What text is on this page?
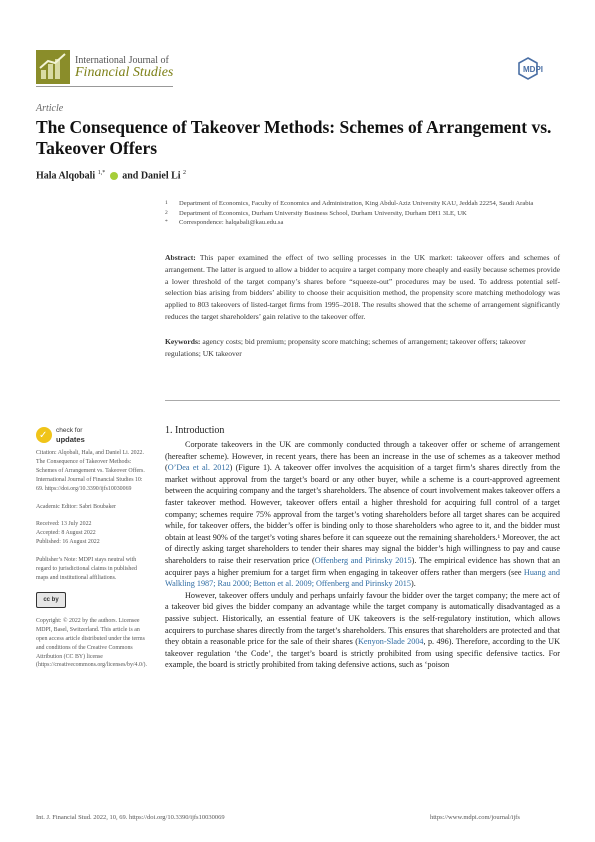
International Journal of
Financial Studies	MDPI
Article
The Consequence of Takeover Methods: Schemes of Arrangement vs. Takeover Offers
Hala Alqobali $^{1,*}$ and Daniel Li $^2$
1 Department of Economics, Faculty of Economics and Administration, King Abdul-Aziz University KAU, Jeddah 22254, Saudi Arabia
2 Department of Economics, Durham University Business School, Durham University, Durham DH1 3LE, UK
* Correspondence: halqabali@kau.edu.sa
Abstract: This paper examined the effect of two selling processes in the UK market: takeover offers and schemes of arrangement. The latter is argued to allow a bidder to acquire a target company more cheaply and easily because schemes provide a lower threshold of the target company’s shares before “squeeze-out” procedures may be used. To address potential self-selection bias arising from bidders’ ability to choose their acquisition method, the propensity score matching methodology was applied to 803 takeovers of listed-target firms from 1995–2018. The results showed that the scheme of arrangement significantly reduces the target shareholders’ gain relative to the takeover offer.
Keywords: agency costs; bid premium; propensity score matching; schemes of arrangement; takeover offers; takeover regulations; UK takeover
✓ check for
updates

Citation: Alqobali, Hala, and Daniel Li. 2022. The Consequence of Takeover Methods: Schemes of Arrangement vs. Takeover Offers. International Journal of Financial Studies 10: 69. https://doi.org/10.3390/ijfs10030069

Academic Editor: Sabri Boubaker

Received: 13 July 2022
Accepted: 8 August 2022

Published: 16 August 2022

Publisher’s Note: MDPI stays neutral with regard to jurisdictional claims in published maps and institutional affiliations.

cc by

Copyright: © 2022 by the authors. Licensee MDPI, Basel, Switzerland. This article is an open access article distributed under the terms and conditions of the Creative Commons Attribution (CC BY) license (https://creativecommons.org/licenses/by/4.0/).

1. Introduction

Corporate takeovers in the UK are commonly conducted through a takeover offer or scheme of arrangement (hereafter scheme). However, in recent years, there has been an increase in the use of schemes as a takeover method (O’Dea et al. 2012) (Figure 1). A takeover offer involves the acquisition of a target firm’s shares directly from the market without approval from the target’s board or any other buyer, while a scheme is a court-approved agreement between the acquiring company and the target’s shareholders. The absence of court involvement makes takeover offers a faster takeover method. However, takeover offers entail a higher threshold for acquiring full control of a target company; schemes require 75% approval from the target’s voting shareholders before all target shares can be acquired while, for takeover offers, the bidder’s offer is binding only to those shareholders who agree to it, and the bidder must obtain at least 90% of the target’s voting shares before it can squeeze out the remaining shareholders.¹ Moreover, the act of directly asking target shareholders to tender their shares may signal the bidder’s high willingness to pay and cause shareholders to raise their reservation price (Offenberg and Pirinsky 2015). The empirical evidence has shown that an acquirer pays a higher premium for a target firm when engaging in takeover offers rather than mergers (see Huang and Walkling 1987; Rau 2000; Betton et al. 2009; Offenberg and Pirinsky 2015).

However, takeover offers unduly and perhaps unfairly favour the bidder over the target company; the mere act of a takeover bid gives the bidder company an advantage while the target company is automatically disadvantaged as a passive subject. Historically, an essential feature of UK takeovers is the self-regulatory institution, which allows acquirers to purchase shares directly from the target’s shareholders. This ensures that shareholders are protected and that they obtain a reasonable price for the sale of their shares (Kenyon-Slade 2004, p. 496). Therefore, according to the UK takeover regulation ‘the Code’, the target’s board is strictly prohibited from using specific defensive tactics. For example, the board is strictly prohibited from taking defensive actions, such as ‘poison

Int. J. Financial Stud. 2022, 10, 69. https://doi.org/10.3390/ijfs10030069	https://www.mdpi.com/journal/ijfs
